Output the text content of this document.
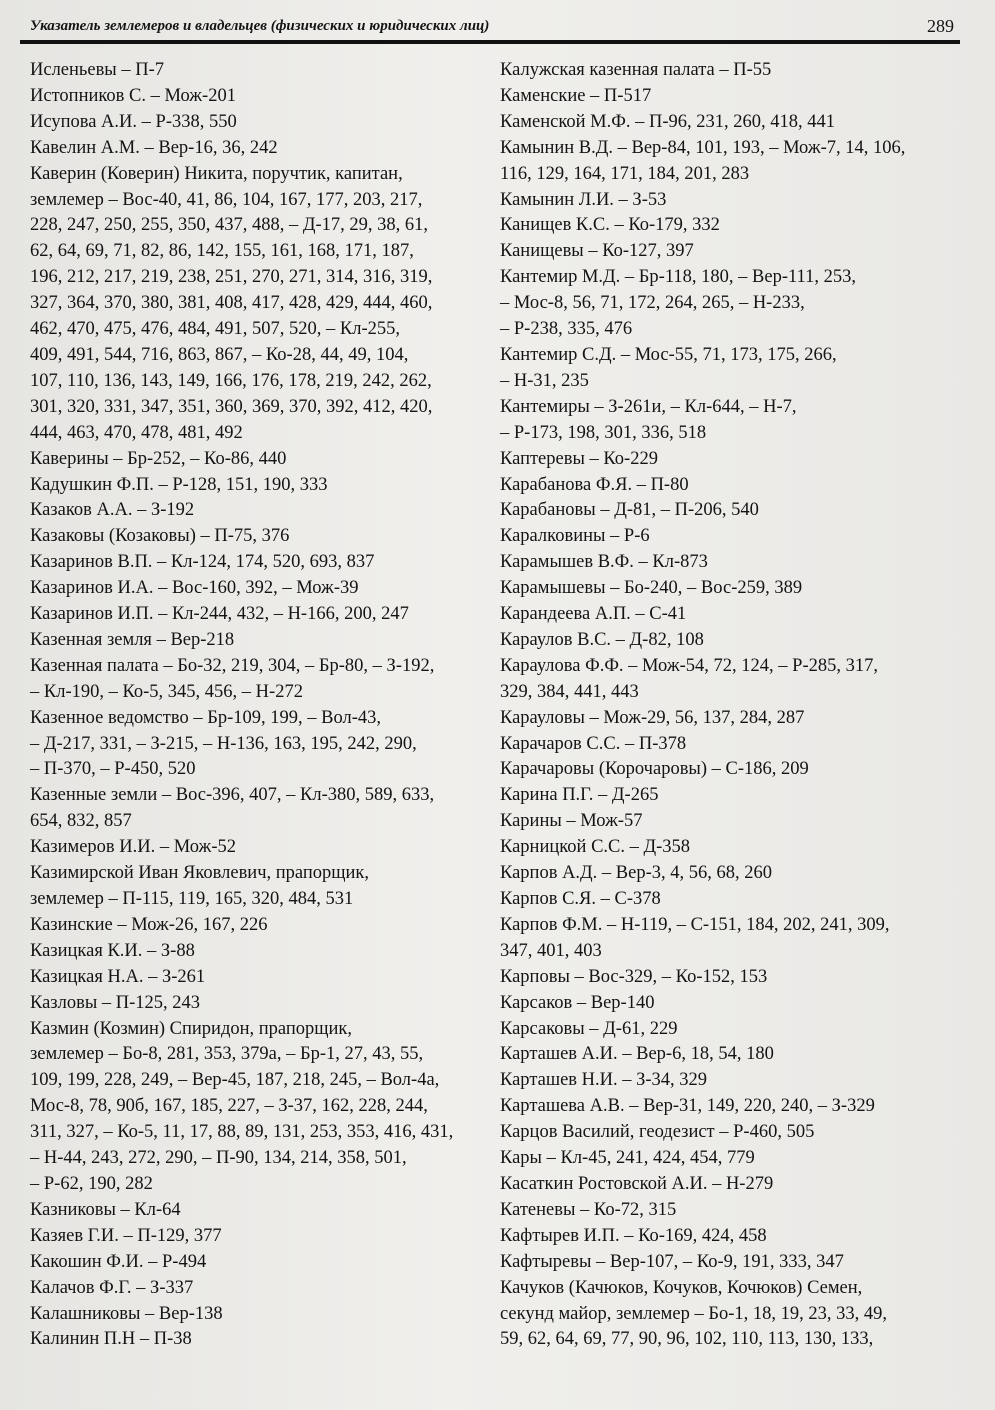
Указатель землемеров и владельцев (физических и юридических лиц)	289
Исленьевы – П-7
Истопников С. – Мож-201
Исупова А.И. – Р-338, 550
Кавелин А.М. – Вер-16, 36, 242
Каверин (Коверин) Никита, поручтик, капитан,
землемер – Вос-40, 41, 86, 104, 167, 177, 203, 217,
228, 247, 250, 255, 350, 437, 488, – Д-17, 29, 38, 61,
62, 64, 69, 71, 82, 86, 142, 155, 161, 168, 171, 187,
196, 212, 217, 219, 238, 251, 270, 271, 314, 316, 319,
327, 364, 370, 380, 381, 408, 417, 428, 429, 444, 460,
462, 470, 475, 476, 484, 491, 507, 520, – Кл-255,
409, 491, 544, 716, 863, 867, – Ко-28, 44, 49, 104,
107, 110, 136, 143, 149, 166, 176, 178, 219, 242, 262,
301, 320, 331, 347, 351, 360, 369, 370, 392, 412, 420,
444, 463, 470, 478, 481, 492
Каверины – Бр-252, – Ко-86, 440
Кадушкин Ф.П. – Р-128, 151, 190, 333
Казаков А.А. – З-192
Казаковы (Козаковы) – П-75, 376
Казаринов В.П. – Кл-124, 174, 520, 693, 837
Казаринов И.А. – Вос-160, 392, – Мож-39
Казаринов И.П. – Кл-244, 432, – Н-166, 200, 247
Казенная земля – Вер-218
Казенная палата – Бо-32, 219, 304, – Бр-80, – З-192,
– Кл-190, – Ко-5, 345, 456, – Н-272
Казенное ведомство – Бр-109, 199, – Вол-43,
– Д-217, 331, – З-215, – Н-136, 163, 195, 242, 290,
– П-370, – Р-450, 520
Казенные земли – Вос-396, 407, – Кл-380, 589, 633,
654, 832, 857
Казимеров И.И. – Мож-52
Казимирской Иван Яковлевич, прапорщик,
землемер – П-115, 119, 165, 320, 484, 531
Казинские – Мож-26, 167, 226
Казицкая К.И. – З-88
Казицкая Н.А. – З-261
Казловы – П-125, 243
Казмин (Козмин) Спиридон, прапорщик,
землемер – Бо-8, 281, 353, 379а, – Бр-1, 27, 43, 55,
109, 199, 228, 249, – Вер-45, 187, 218, 245, – Вол-4а,
Мос-8, 78, 90б, 167, 185, 227, – З-37, 162, 228, 244,
311, 327, – Ко-5, 11, 17, 88, 89, 131, 253, 353, 416, 431,
– Н-44, 243, 272, 290, – П-90, 134, 214, 358, 501,
– Р-62, 190, 282
Казниковы – Кл-64
Казяев Г.И. – П-129, 377
Какошин Ф.И. – Р-494
Калачов Ф.Г. – З-337
Калашниковы – Вер-138
Калинин П.Н – П-38
Калужская казенная палата – П-55
Каменские – П-517
Каменской М.Ф. – П-96, 231, 260, 418, 441
Камынин В.Д. – Вер-84, 101, 193, – Мож-7, 14, 106,
116, 129, 164, 171, 184, 201, 283
Камынин Л.И. – З-53
Канищев К.С. – Ко-179, 332
Канищевы – Ко-127, 397
Кантемир М.Д. – Бр-118, 180, – Вер-111, 253,
– Мос-8, 56, 71, 172, 264, 265, – Н-233,
– Р-238, 335, 476
Кантемир С.Д. – Мос-55, 71, 173, 175, 266,
– Н-31, 235
Кантемиры – З-261и, – Кл-644, – Н-7,
– Р-173, 198, 301, 336, 518
Каптеревы – Ко-229
Карабанова Ф.Я. – П-80
Карабановы – Д-81, – П-206, 540
Каралковины – Р-6
Карамышев В.Ф. – Кл-873
Карамышевы – Бо-240, – Вос-259, 389
Карандеева А.П. – С-41
Караулов В.С. – Д-82, 108
Караулова Ф.Ф. – Мож-54, 72, 124, – Р-285, 317,
329, 384, 441, 443
Карауловы – Мож-29, 56, 137, 284, 287
Карачаров С.С. – П-378
Карачаровы (Корочаровы) – С-186, 209
Карина П.Г. – Д-265
Карины – Мож-57
Карницкой С.С. – Д-358
Карпов А.Д. – Вер-3, 4, 56, 68, 260
Карпов С.Я. – С-378
Карпов Ф.М. – Н-119, – С-151, 184, 202, 241, 309,
347, 401, 403
Карповы – Вос-329, – Ко-152, 153
Карсаков – Вер-140
Карсаковы – Д-61, 229
Карташев А.И. – Вер-6, 18, 54, 180
Карташев Н.И. – З-34, 329
Карташева А.В. – Вер-31, 149, 220, 240, – З-329
Карцов Василий, геодезист – Р-460, 505
Кары – Кл-45, 241, 424, 454, 779
Касаткин Ростовской А.И. – Н-279
Катеневы – Ко-72, 315
Кафтырев И.П. – Ко-169, 424, 458
Кафтыревы – Вер-107, – Ко-9, 191, 333, 347
Качуков (Качюков, Кочуков, Кочюков) Семен,
секунд майор, землемер – Бо-1, 18, 19, 23, 33, 49,
59, 62, 64, 69, 77, 90, 96, 102, 110, 113, 130, 133,
